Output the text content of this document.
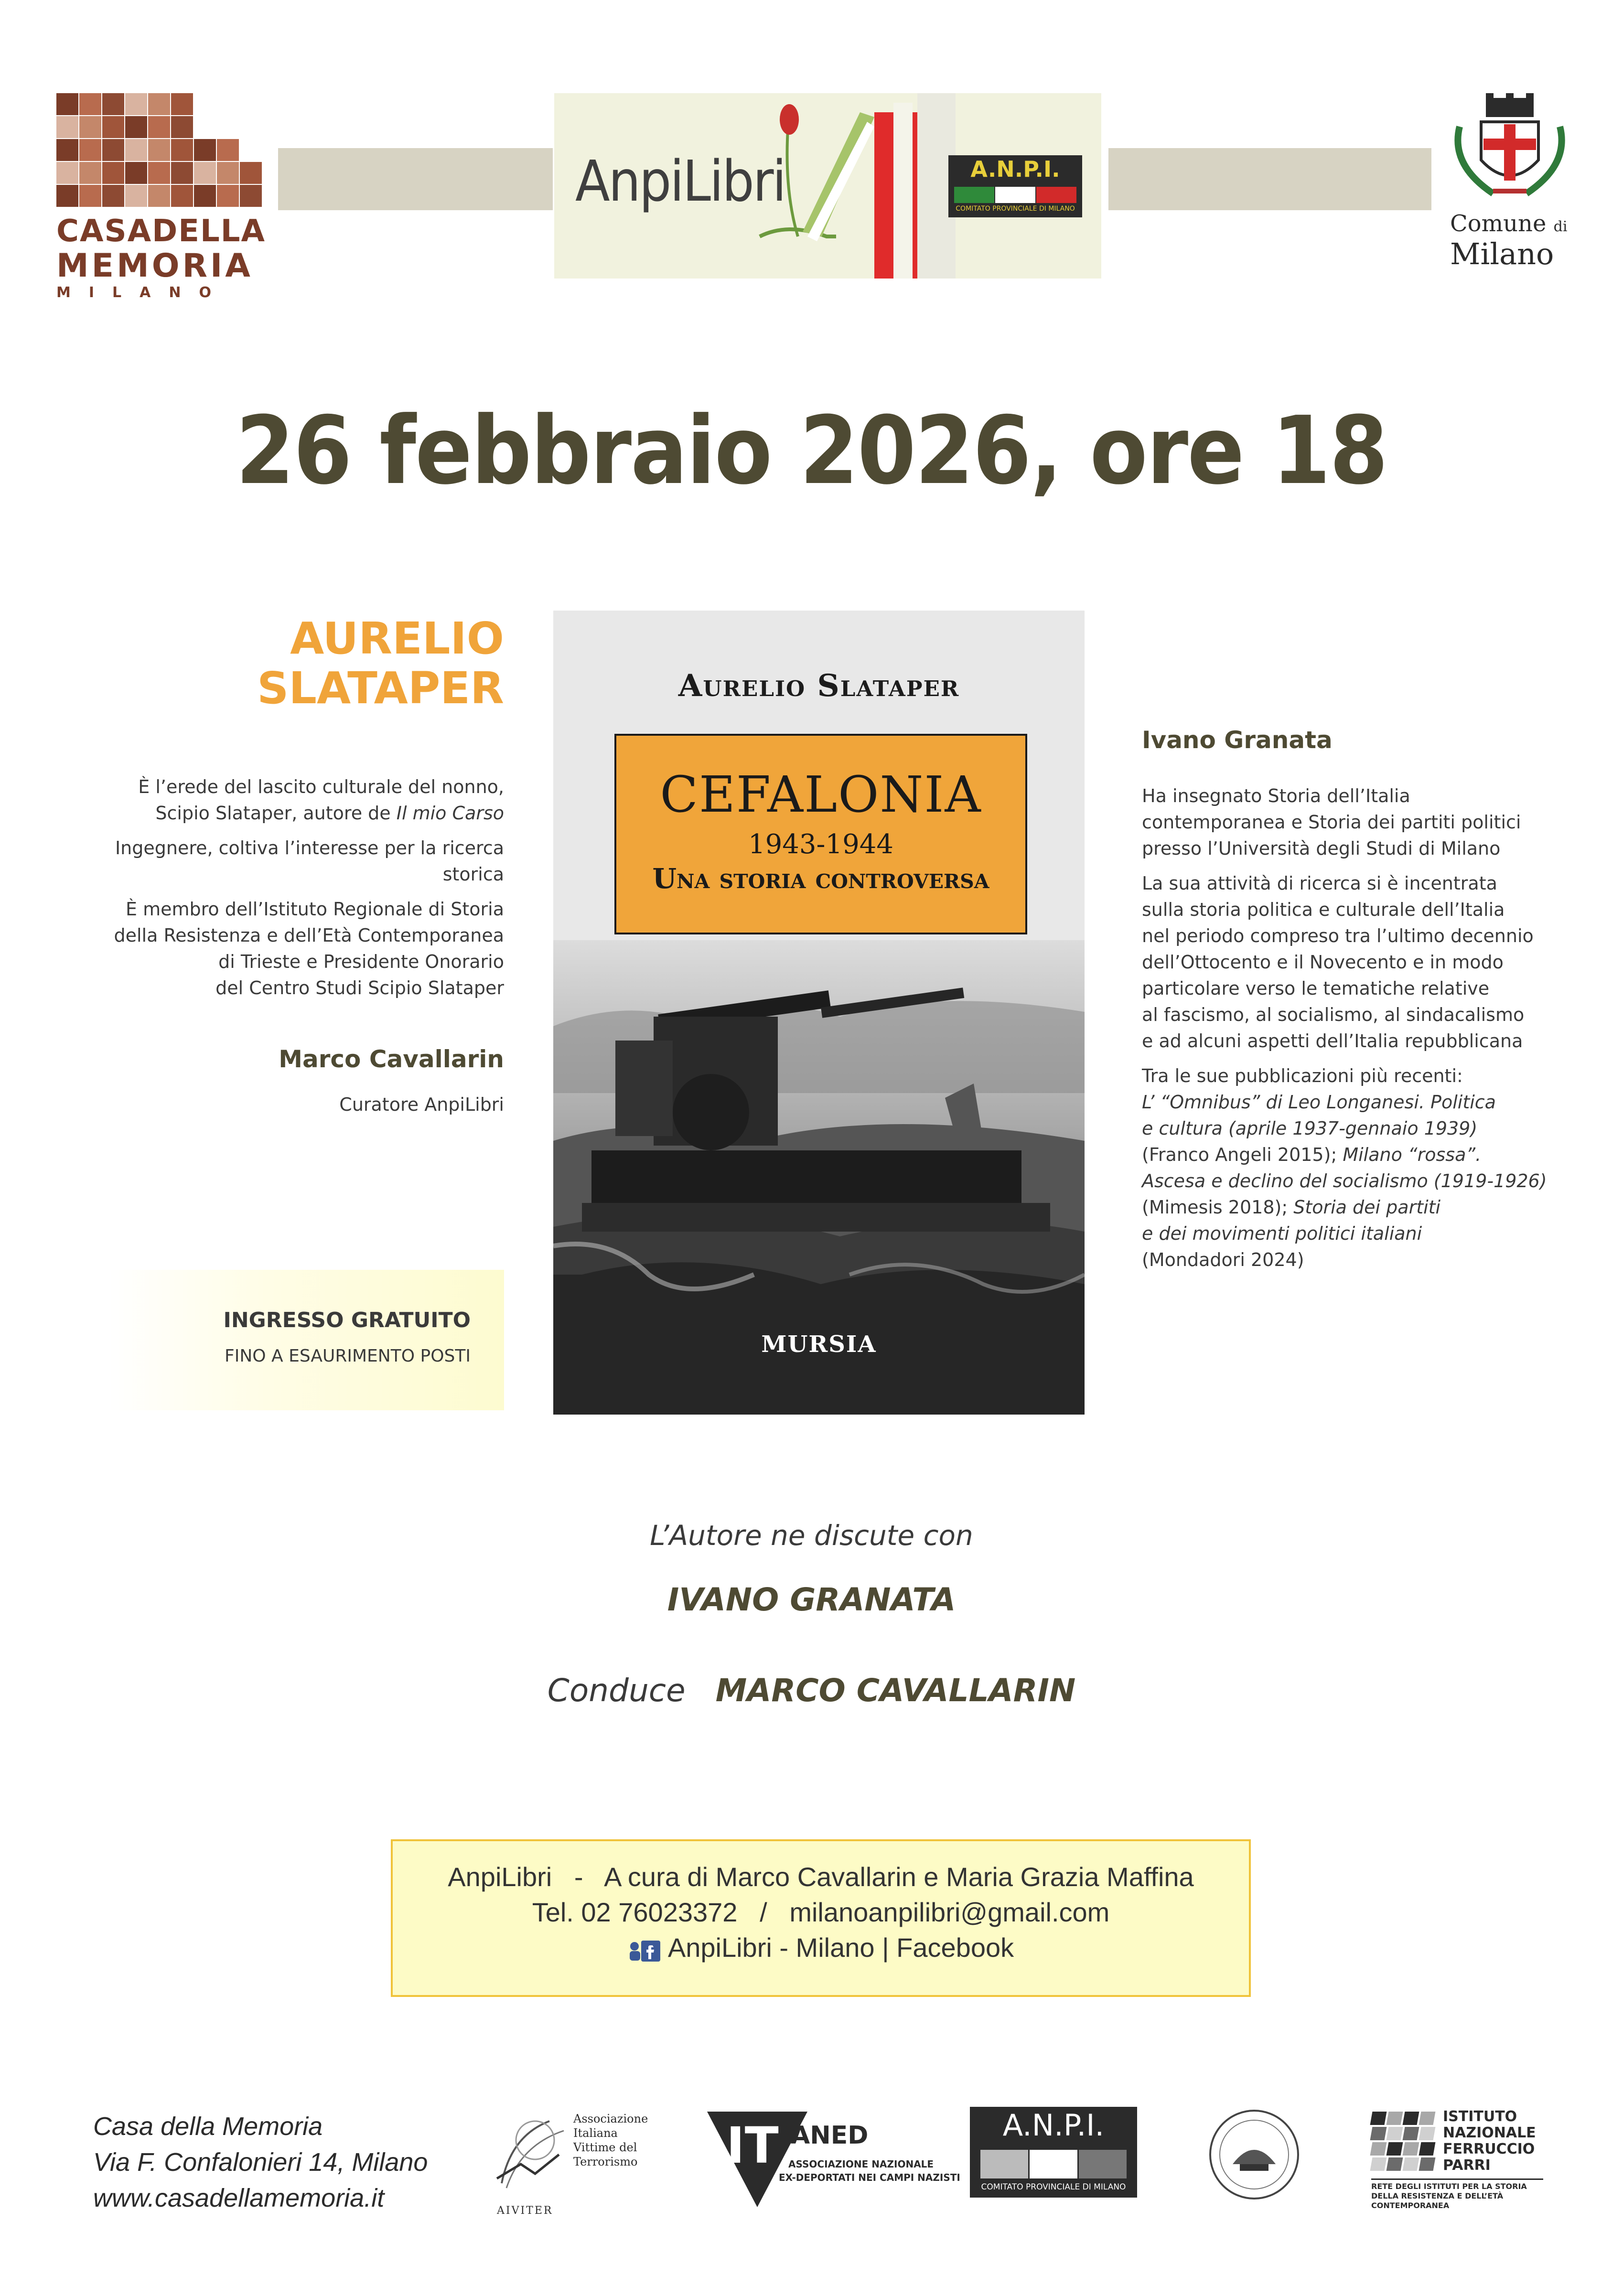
CASADELLA
MEMORIA
MILANO
AnpiLibri	A.N.P.I.
COMITATO PROVINCIALE DI MILANO
Comune di
Milano
26 febbraio 2026, ore 18
AURELIO
SLATAPER
È l’erede del lascito culturale del nonno,
Scipio Slataper, autore de Il mio Carso
Ingegnere, coltiva l’interesse per la ricerca
storica
È membro dell’Istituto Regionale di Storia
della Resistenza e dell’Età Contemporanea
di Trieste e Presidente Onorario
del Centro Studi Scipio Slataper
Marco Cavallarin
Curatore AnpiLibri
INGRESSO GRATUITO
FINO A ESAURIMENTO POSTI
Aurelio Slataper
CEFALONIA
1943-1944
Una storia controversa
MURSIA
Ivano Granata

Ha insegnato Storia dell’Italia
contemporanea e Storia dei partiti politici
presso l’Università degli Studi di Milano

La sua attività di ricerca si è incentrata
sulla storia politica e culturale dell’Italia
nel periodo compreso tra l’ultimo decennio
dell’Ottocento e il Novecento e in modo
particolare verso le tematiche relative
al fascismo, al socialismo, al sindacalismo
e ad alcuni aspetti dell’Italia repubblicana

Tra le sue pubblicazioni più recenti:
L’ “Omnibus” di Leo Longanesi. Politica
e cultura (aprile 1937-gennaio 1939)
(Franco Angeli 2015); Milano “rossa”.
Ascesa e declino del socialismo (1919-1926)
(Mimesis 2018); Storia dei partiti
e dei movimenti politici italiani
(Mondadori 2024)

L’Autore ne discute con
IVANO GRANATA
Conduce MARCO CAVALLARIN
AnpiLibri   -   A cura di Marco Cavallarin e Maria Grazia Maffina
Tel. 02 76023372   /   milanoanpilibri@gmail.com
AnpiLibri - Milano | Facebook
Casa della Memoria
Via F. Confalonieri 14, Milano
www.casadellamemoria.it
Associazione
Italiana
Vittime del
Terrorismo
AIVITER
IT ANED
ASSOCIAZIONE NAZIONALE
EX-DEPORTATI NEI CAMPI NAZISTI
A.N.P.I.
COMITATO PROVINCIALE DI MILANO
ISTITUTO
NAZIONALE
FERRUCCIO
PARRI
RETE DEGLI ISTITUTI PER LA STORIA
DELLA RESISTENZA E DELL’ETÀ
CONTEMPORANEA
